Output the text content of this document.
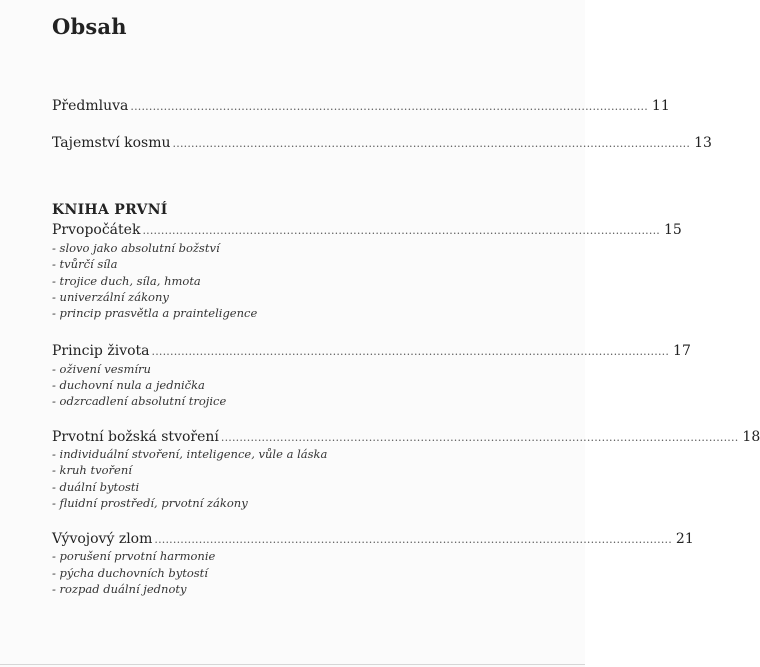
Obsah
Předmluva ............................................................................................................................................ 11
Tajemství kosmu ............................................................................................................................................ 13
KNIHA PRVNÍ
Prvopočátek ............................................................................................................................................ 15
- slovo jako absolutní božství
- tvůrčí síla
- trojice duch, síla, hmota
- univerzální zákony
- princip prasvětla a prainteligence
Princip života ............................................................................................................................................ 17
- oživení vesmíru
- duchovní nula a jednička
- odzrcadlení absolutní trojice
Prvotní božská stvoření ............................................................................................................................................ 18
- individuální stvoření, inteligence, vůle a láska
- kruh tvoření
- duální bytosti
- fluidní prostředí, prvotní zákony
Vývojový zlom ............................................................................................................................................ 21
- porušení prvotní harmonie
- pýcha duchovních bytostí
- rozpad duální jednoty
